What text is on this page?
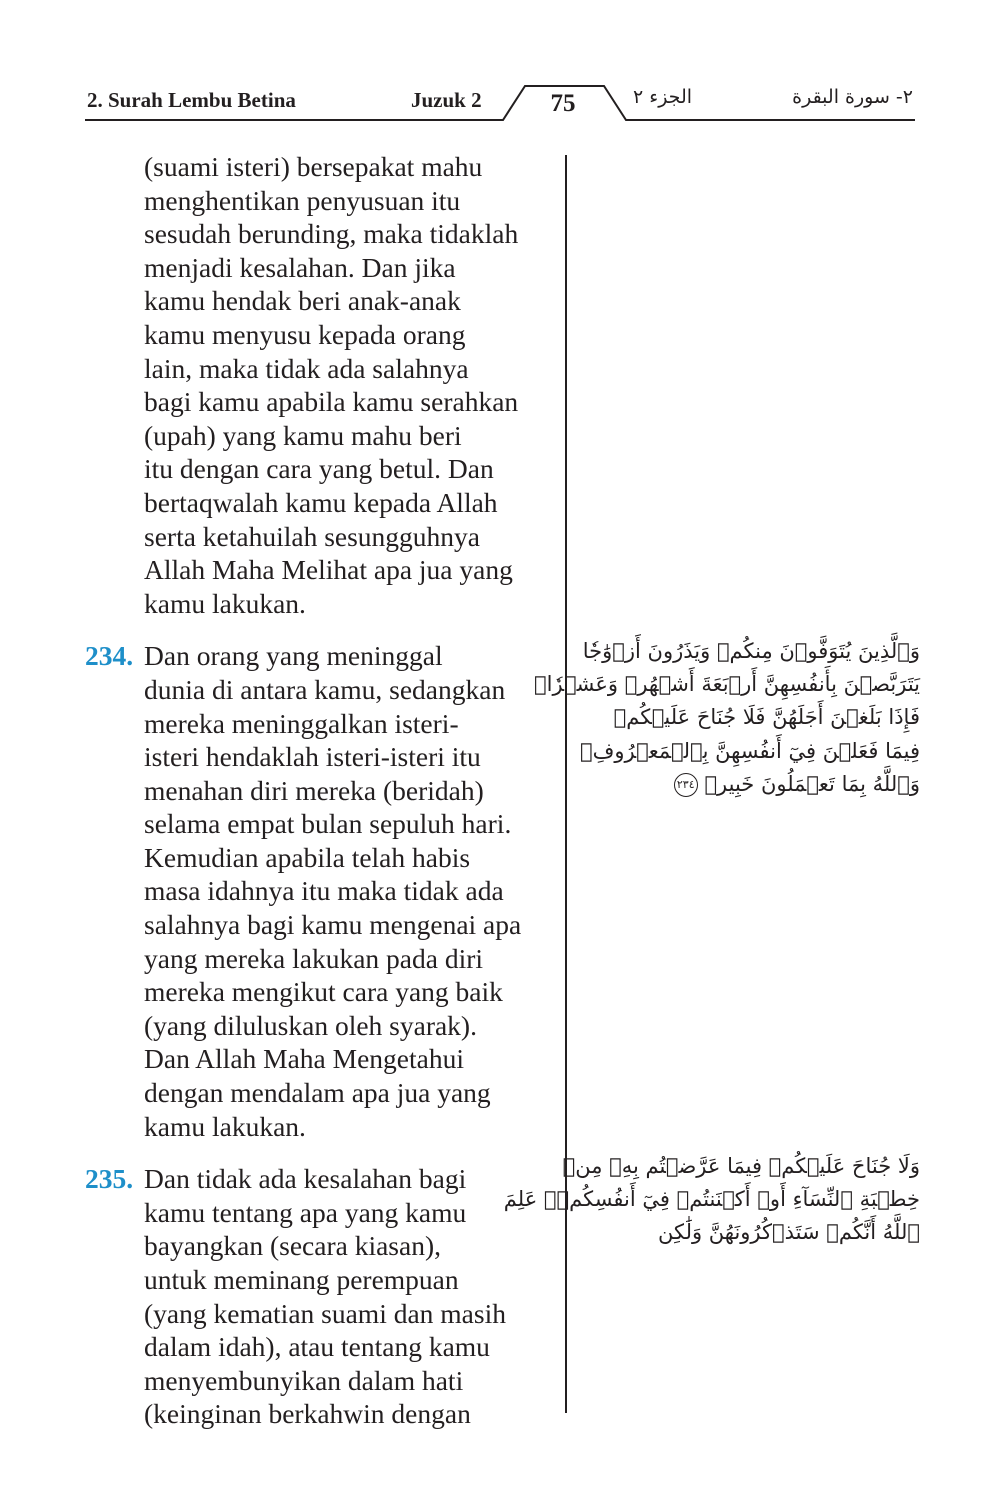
2. Surah Lembu Betina	Juzuk 2	75	الجزء ٢	٢- سورة البقرة
(suami isteri) bersepakat mahu
menghentikan penyusuan itu
sesudah berunding, maka tidaklah
menjadi kesalahan. Dan jika
kamu hendak beri anak-anak
kamu menyusu kepada orang
lain, maka tidak ada salahnya
bagi kamu apabila kamu serahkan
(upah) yang kamu mahu beri
itu dengan cara yang betul. Dan
bertaqwalah kamu kepada Allah
serta ketahuilah sesungguhnya
Allah Maha Melihat apa jua yang
kamu lakukan.
234. Dan orang yang meninggal
dunia di antara kamu, sedangkan
mereka meninggalkan isteri-
isteri hendaklah isteri-isteri itu
menahan diri mereka (beridah)
selama empat bulan sepuluh hari.
Kemudian apabila telah habis
masa idahnya itu maka tidak ada
salahnya bagi kamu mengenai apa
yang mereka lakukan pada diri
mereka mengikut cara yang baik
(yang diluluskan oleh syarak).
Dan Allah Maha Mengetahui
dengan mendalam apa jua yang
kamu lakukan.
235. Dan tidak ada kesalahan bagi
kamu tentang apa yang kamu
bayangkan (secara kiasan),
untuk meminang perempuan
(yang kematian suami dan masih
dalam idah), atau tentang kamu
menyembunyikan dalam hati
(keinginan berkahwin dengan
وَٱلَّذِينَ يُتَوَفَّوۡنَ مِنكُمۡ وَيَذَرُونَ أَزۡوَٰجٗا
يَتَرَبَّصۡنَ بِأَنفُسِهِنَّ أَرۡبَعَةَ أَشۡهُرٖ وَعَشۡرٗاۖ
فَإِذَا بَلَغۡنَ أَجَلَهُنَّ فَلَا جُنَاحَ عَلَيۡكُمۡ
فِيمَا فَعَلۡنَ فِيٓ أَنفُسِهِنَّ بِٱلۡمَعۡرُوفِۗ
وَٱللَّهُ بِمَا تَعۡمَلُونَ خَبِيرٞ ٢٣٤
وَلَا جُنَاحَ عَلَيۡكُمۡ فِيمَا عَرَّضۡتُم بِهِۦ مِنۡ
خِطۡبَةِ ٱلنِّسَآءِ أَوۡ أَكۡنَنتُمۡ فِيٓ أَنفُسِكُمۡۚ عَلِمَ
ٱللَّهُ أَنَّكُمۡ سَتَذۡكُرُونَهُنَّ وَلَٰكِن
